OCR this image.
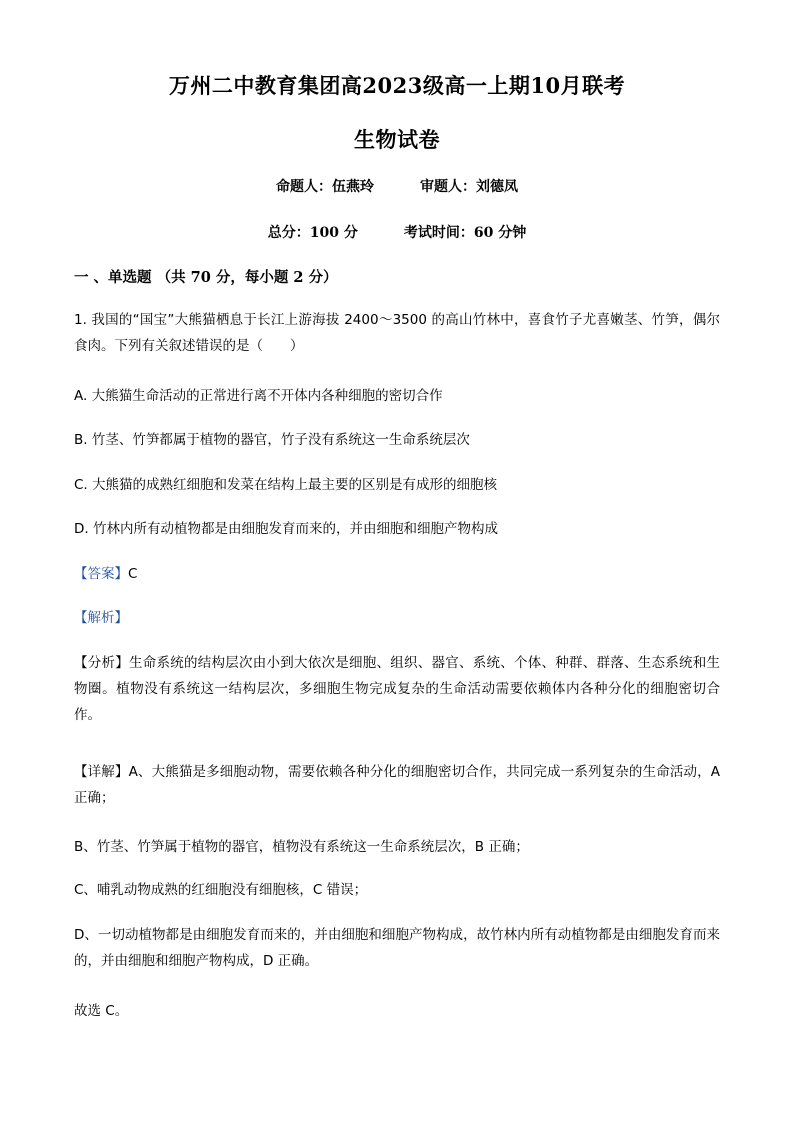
万州二中教育集团高2023级高一上期10月联考
生物试卷
命题人：伍燕玲	审题人：刘德凤
总分：100 分	考试时间：60 分钟
一 、单选题 （共 70 分，每小题 2 分）
1. 我国的“国宝”大熊猫栖息于长江上游海拔 2400～3500 的高山竹林中，喜食竹子尤喜嫩茎、竹笋，偶尔食肉。下列有关叙述错误的是（　　）
A. 大熊猫生命活动的正常进行离不开体内各种细胞的密切合作
B. 竹茎、竹笋都属于植物的器官，竹子没有系统这一生命系统层次
C. 大熊猫的成熟红细胞和发菜在结构上最主要的区别是有成形的细胞核
D. 竹林内所有动植物都是由细胞发育而来的，并由细胞和细胞产物构成
【答案】C
【解析】
【分析】生命系统的结构层次由小到大依次是细胞、组织、器官、系统、个体、种群、群落、生态系统和生物圈。植物没有系统这一结构层次，多细胞生物完成复杂的生命活动需要依赖体内各种分化的细胞密切合作。
【详解】A、大熊猫是多细胞动物，需要依赖各种分化的细胞密切合作，共同完成一系列复杂的生命活动，A 正确；
B、竹茎、竹笋属于植物的器官，植物没有系统这一生命系统层次，B 正确；
C、哺乳动物成熟的红细胞没有细胞核，C 错误；
D、一切动植物都是由细胞发育而来的，并由细胞和细胞产物构成，故竹林内所有动植物都是由细胞发育而来的，并由细胞和细胞产物构成，D 正确。
故选 C。
